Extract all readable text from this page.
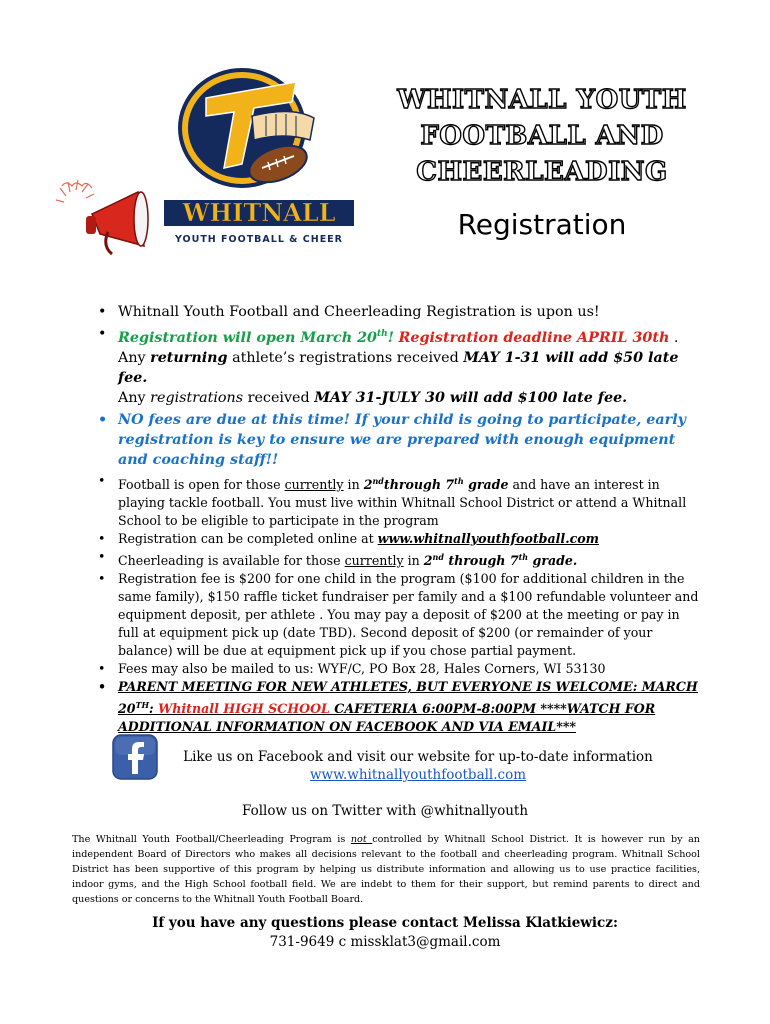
WHITNALL
YOUTH FOOTBALL & CHEER
WHITNALL YOUTH
FOOTBALL AND
CHEERLEADING
Registration
• Whitnall Youth Football and Cheerleading Registration is upon us!
• Registration will open March 20th! Registration deadline APRIL 30th .
Any returning athlete’s registrations received MAY 1-31 will add $50 late fee.
Any registrations received MAY 31-JULY 30 will add $100 late fee.
• NO fees are due at this time! If your child is going to participate, early registration is key to ensure we are prepared with enough equipment and coaching staff!!
• Football is open for those currently in 2ndthrough 7th grade and have an interest in playing tackle football. You must live within Whitnall School District or attend a Whitnall School to be eligible to participate in the program
• Registration can be completed online at www.whitnallyouthfootball.com
• Cheerleading is available for those currently in 2nd through 7th grade.
• Registration fee is $200 for one child in the program ($100 for additional children in the same family), $150 raffle ticket fundraiser per family and a $100 refundable volunteer and equipment deposit, per athlete . You may pay a deposit of $200 at the meeting or pay in full at equipment pick up (date TBD). Second deposit of $200 (or remainder of your balance) will be due at equipment pick up if you chose partial payment.
• Fees may also be mailed to us: WYF/C, PO Box 28, Hales Corners, WI 53130
• PARENT MEETING FOR NEW ATHLETES, BUT EVERYONE IS WELCOME: MARCH 20TH: Whitnall HIGH SCHOOL CAFETERIA 6:00PM-8:00PM ****WATCH FOR ADDITIONAL INFORMATION ON FACEBOOK AND VIA EMAIL***
Like us on Facebook and visit our website for up-to-date information
www.whitnallyouthfootball.com
Follow us on Twitter with @whitnallyouth
The Whitnall Youth Football/Cheerleading Program is not controlled by Whitnall School District. It is however run by an independent Board of Directors who makes all decisions relevant to the football and cheerleading program. Whitnall School District has been supportive of this program by helping us distribute information and allowing us to use practice facilities, indoor gyms, and the High School football field. We are indebt to them for their support, but remind parents to direct and questions or concerns to the Whitnall Youth Football Board.
If you have any questions please contact Melissa Klatkiewicz:
731-9649 c missklat3@gmail.com
